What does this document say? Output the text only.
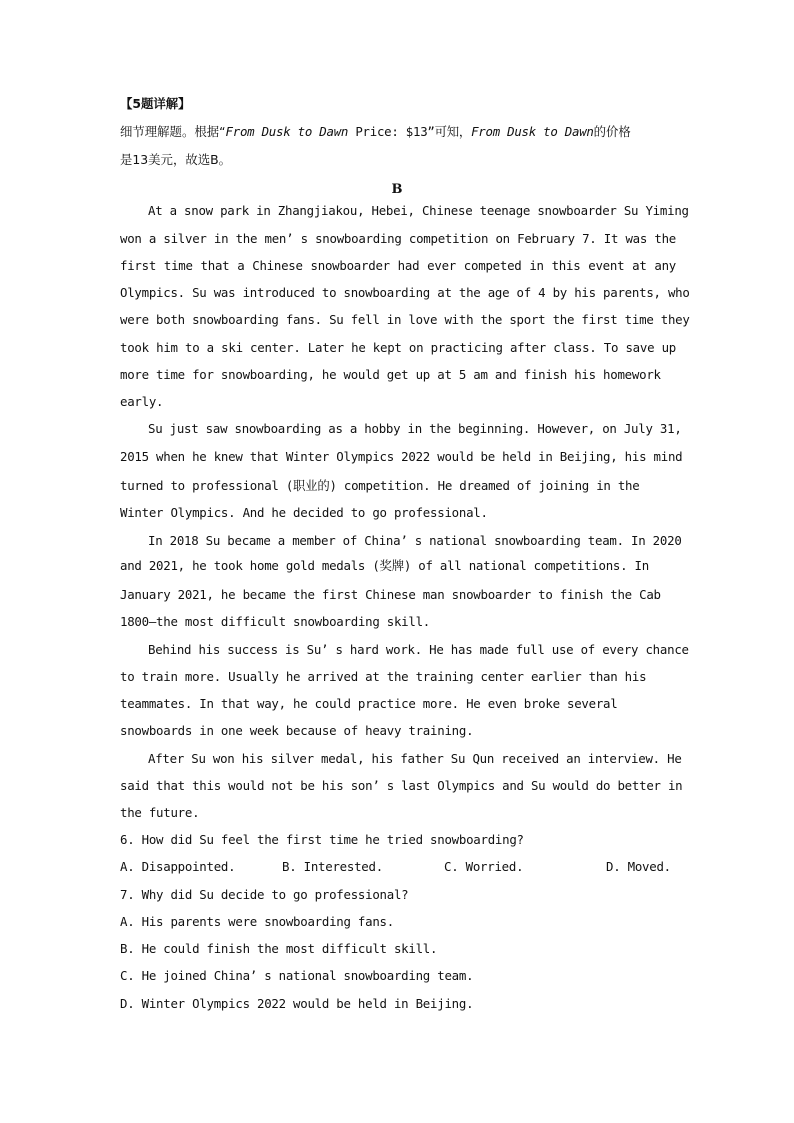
【5题详解】
细节理解题。根据“From Dusk to Dawn Price: $13”可知，From Dusk to Dawn的价格
是13美元，故选B。
B
At a snow park in Zhangjiakou, Hebei, Chinese teenage snowboarder Su Yiming
won a silver in the men’ s snowboarding competition on February 7. It was the
first time that a Chinese snowboarder had ever competed in this event at any
Olympics. Su was introduced to snowboarding at the age of 4 by his parents, who
were both snowboarding fans. Su fell in love with the sport the first time they
took him to a ski center. Later he kept on practicing after class. To save up
more time for snowboarding, he would get up at 5 am and finish his homework
early.
Su just saw snowboarding as a hobby in the beginning. However, on July 31,
2015 when he knew that Winter Olympics 2022 would be held in Beijing, his mind
turned to professional (职业的) competition. He dreamed of joining in the
Winter Olympics. And he decided to go professional.
In 2018 Su became a member of China’ s national snowboarding team. In 2020
and 2021, he took home gold medals (奖牌) of all national competitions. In
January 2021, he became the first Chinese man snowboarder to finish the Cab
1800—the most difficult snowboarding skill.
Behind his success is Su’ s hard work. He has made full use of every chance
to train more. Usually he arrived at the training center earlier than his
teammates. In that way, he could practice more. He even broke several
snowboards in one week because of heavy training.
After Su won his silver medal, his father Su Qun received an interview. He
said that this would not be his son’ s last Olympics and Su would do better in
the future.
6. How did Su feel the first time he tried snowboarding?
A. Disappointed.	B. Interested.	C. Worried.	D. Moved.
7. Why did Su decide to go professional?
A. His parents were snowboarding fans.
B. He could finish the most difficult skill.
C. He joined China’ s national snowboarding team.
D. Winter Olympics 2022 would be held in Beijing.
